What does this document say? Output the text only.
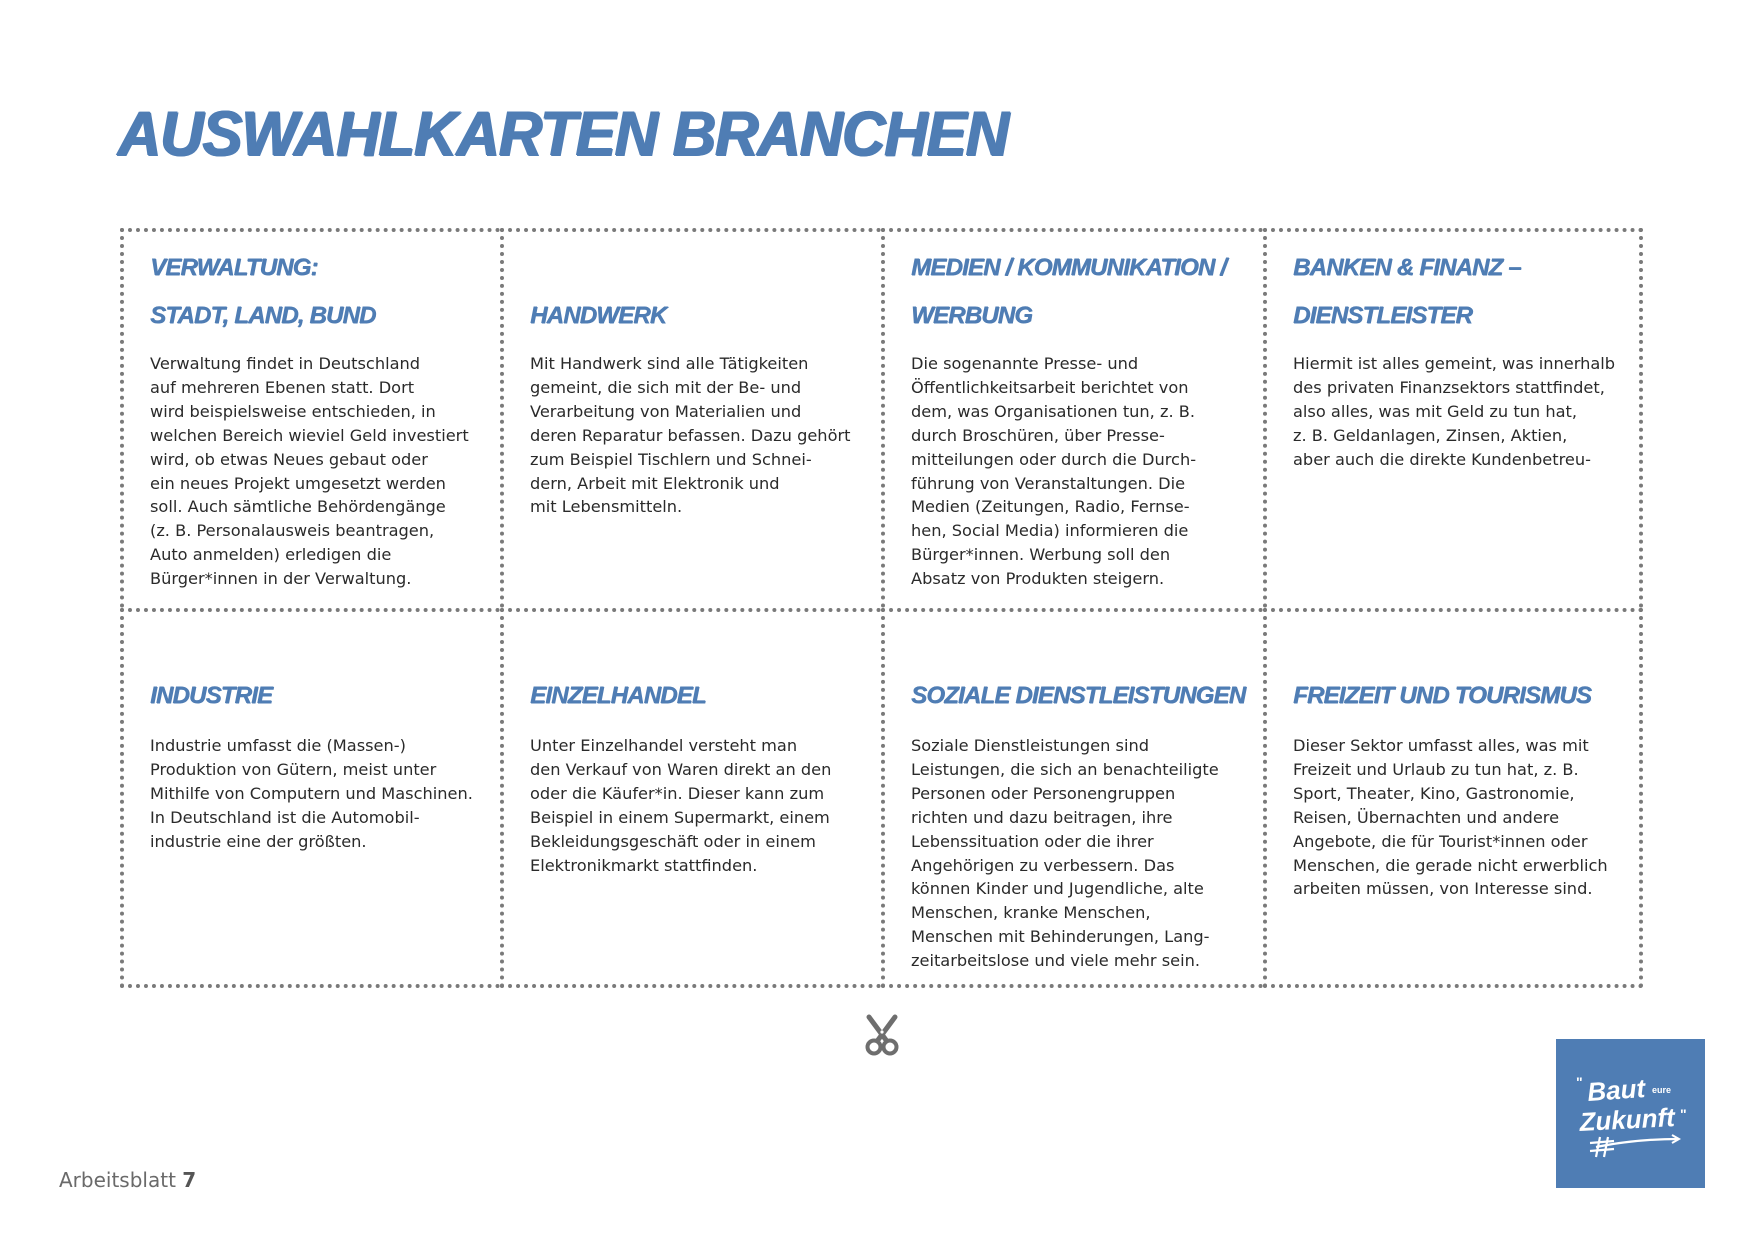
AUSWAHLKARTEN BRANCHEN
VERWALTUNG:
STADT, LAND, BUND
Verwaltung findet in Deutschland
auf mehreren Ebenen statt. Dort
wird beispielsweise entschieden, in
welchen Bereich wieviel Geld investiert
wird, ob etwas Neues gebaut oder
ein neues Projekt umgesetzt werden
soll. Auch sämtliche Behördengänge
(z. B. Personalausweis beantragen,
Auto anmelden) erledigen die
Bürger*innen in der Verwaltung.
HANDWERK
Mit Handwerk sind alle Tätigkeiten
gemeint, die sich mit der Be- und
Verarbeitung von Materialien und
deren Reparatur befassen. Dazu gehört
zum Beispiel Tischlern und Schnei-
dern, Arbeit mit Elektronik und
mit Lebensmitteln.
MEDIEN / KOMMUNIKATION /
WERBUNG
Die sogenannte Presse- und
Öffentlichkeitsarbeit berichtet von
dem, was Organisationen tun, z. B.
durch Broschüren, über Presse-
mitteilungen oder durch die Durch-
führung von Veranstaltungen. Die
Medien (Zeitungen, Radio, Fernse-
hen, Social Media) informieren die
Bürger*innen. Werbung soll den
Absatz von Produkten steigern.
BANKEN & FINANZ –
DIENSTLEISTER
Hiermit ist alles gemeint, was innerhalb
des privaten Finanzsektors stattfindet,
also alles, was mit Geld zu tun hat,
z. B. Geldanlagen, Zinsen, Aktien,
aber auch die direkte Kundenbetreu-
INDUSTRIE
Industrie umfasst die (Massen-)
Produktion von Gütern, meist unter
Mithilfe von Computern und Maschinen.
In Deutschland ist die Automobil-
industrie eine der größten.
EINZELHANDEL
Unter Einzelhandel versteht man
den Verkauf von Waren direkt an den
oder die Käufer*in. Dieser kann zum
Beispiel in einem Supermarkt, einem
Bekleidungsgeschäft oder in einem
Elektronikmarkt stattfinden.
SOZIALE DIENSTLEISTUNGEN
Soziale Dienstleistungen sind
Leistungen, die sich an benachteiligte
Personen oder Personengruppen
richten und dazu beitragen, ihre
Lebenssituation oder die ihrer
Angehörigen zu verbessern. Das
können Kinder und Jugendliche, alte
Menschen, kranke Menschen,
Menschen mit Behinderungen, Lang-
zeitarbeitslose und viele mehr sein.
FREIZEIT UND TOURISMUS
Dieser Sektor umfasst alles, was mit
Freizeit und Urlaub zu tun hat, z. B.
Sport, Theater, Kino, Gastronomie,
Reisen, Übernachten und andere
Angebote, die für Tourist*innen oder
Menschen, die gerade nicht erwerblich
arbeiten müssen, von Interesse sind.
" Baut eure
Zukunft "
Arbeitsblatt 7
